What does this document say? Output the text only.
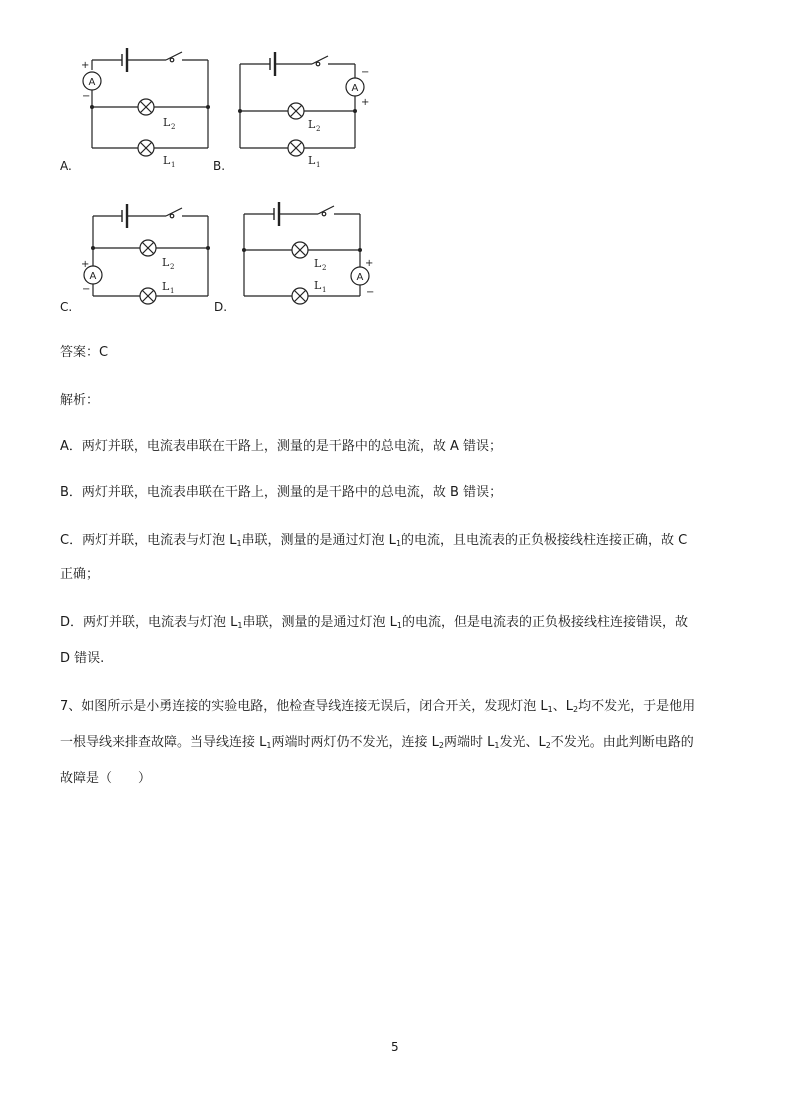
A
+
−
L 2
L 1
A.
A
−
+
L 2
L 1
B.
L 2
A
+
−	L 1
C.
L 2
A
+
−
L 1
D.
答案：C
解析：
A．两灯并联，电流表串联在干路上，测量的是干路中的总电流，故 A 错误；
B．两灯并联，电流表串联在干路上，测量的是干路中的总电流，故 B 错误；
C．两灯并联，电流表与灯泡 $L_1$串联，测量的是通过灯泡 $L_1$的电流，且电流表的正负极接线柱连接正确，故 C
正确；
D．两灯并联，电流表与灯泡 $L_1$串联，测量的是通过灯泡 $L_1$的电流，但是电流表的正负极接线柱连接错误，故
D 错误.
7、如图所示是小勇连接的实验电路，他检查导线连接无误后，闭合开关，发现灯泡 $L_1$、$L_2$均不发光，于是他用
一根导线来排查故障。当导线连接 $L_1$两端时两灯仍不发光，连接 $L_2$两端时 $L_1$发光、$L_2$不发光。由此判断电路的
故障是（　　）
5
